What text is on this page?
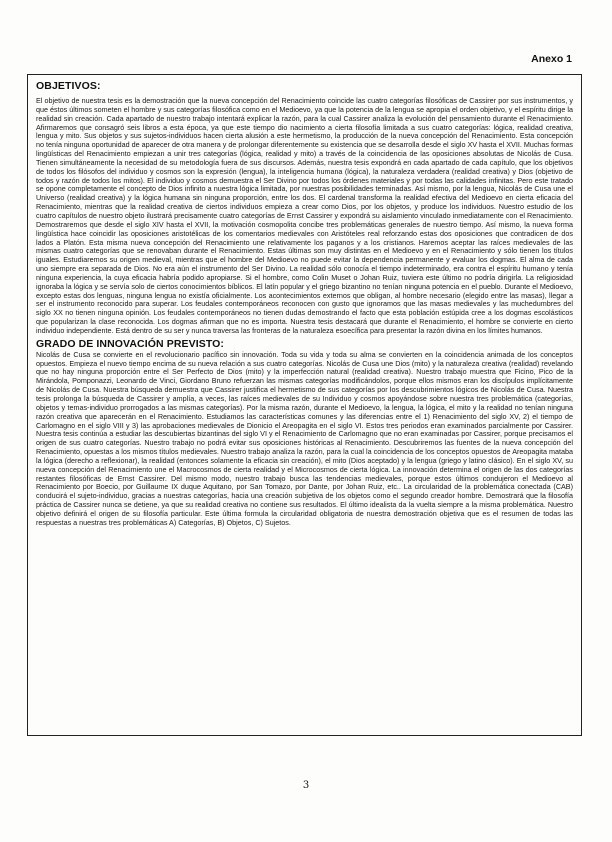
Anexo 1
OBJETIVOS:

El objetivo de nuestra tesis es la demostración que la nueva concepción del Renacimiento coincide las cuatro categorías filosóficas de Cassirer por sus instrumentos, y que éstos últimos someten el hombre y sus categorías filosófica como en el Medioevo, ya que la potencia de la lengua se apropia el orden objetivo, y el espíritu dirige la realidad sin creación. Cada apartado de nuestro trabajo intentará explicar la razón, para la cual Cassirer analiza la evolución del pensamiento durante el Renacimiento. Afirmaremos que consagró seis libros a esta época, ya que este tiempo dio nacimiento a cierta filosofía limitada a sus cuatro categorías: lógica, realidad creativa, lengua y mito. Sus objetos y sus sujetos-individuos hacen cierta alusión a este hermetismo, la producción de la nueva concepción del Renacimiento. Esta concepción no tenía ninguna oportunidad de aparecer de otra manera y de prolongar diferentemente su existencia que se desarrolla desde el siglo XV hasta el XVII. Muchas formas lingüísticas del Renacimiento empiezan a unir tres categorías (lógica, realidad y mito) a través de la coincidencia de las oposiciones absolutas de Nicolás de Cusa. Tienen simultáneamente la necesidad de su metodología fuera de sus discursos. Además, nuestra tesis expondrá en cada apartado de cada capítulo, que los objetivos de todos los filósofos del individuo y cosmos son la expresión (lengua), la inteligencia humana (lógica), la naturaleza verdadera (realidad creativa) y Dios (objetivo de todos y razón de todos los mitos). El individuo y cosmos demuestra el Ser Divino por todos los órdenes materiales y por todas las calidades infinitas. Pero este tratado se opone completamente el concepto de Dios infinito a nuestra lógica limitada, por nuestras posibilidades terminadas. Así mismo, por la lengua, Nicolás de Cusa une el Universo (realidad creativa) y la lógica humana sin ninguna proporción, entre los dos. El cardenal transforma la realidad efectiva del Medioevo en cierta eficacia del Renacimiento, mientras que la realidad creativa de ciertos individuos empieza a crear como Dios, por los objetos, y produce los individuos. Nuestro estudio de los cuatro capítulos de nuestro objeto ilustrará precisamente cuatro categorías de Ernst Cassirer y expondrá su aislamiento vinculado inmediatamente con el Renacimiento. Demostraremos que desde el siglo XIV hasta el XVII, la motivación cosmopolita concibe tres problemáticas generales de nuestro tiempo. Así mismo, la nueva forma lingüística hace coincidir las oposiciones aristotélicas de los comentarios medievales con Aristóteles real reforzando estas dos oposiciones que contradicen de dos lados a Platón. Esta misma nueva concepción del Renacimiento une relativamente los paganos y a los cristianos. Haremos aceptar las raíces medievales de las mismas cuatro categorías que se renovaban durante el Renacimiento. Estas últimas son muy distintas en el Medioevo y en el Renacimiento y sólo tienen los títulos iguales. Estudiaremos su origen medieval, mientras que el hombre del Medioevo no puede evitar la dependencia permanente y evaluar los dogmas. El alma de cada uno siempre era separada de Dios. No era aún el instrumento del Ser Divino. La realidad sólo conocía el tiempo indeterminado, era contra el espíritu humano y tenía ninguna experiencia, la cuya eficacia habría podido apropiarse. Si el hombre, como Colin Muset o Johan Ruiz, tuviera este último no podría dirigirla. La religiosidad ignoraba la lógica y se servía solo de ciertos conocimientos bíblicos. El latín popular y el griego bizantino no tenían ninguna potencia en el pueblo. Durante el Medioevo, excepto estas dos lenguas, ninguna lengua no existía oficialmente. Los acontecimientos externos que obligan, al hombre necesario (elegido entre las masas), llegar a ser el instrumento reconocido para superar. Los feudales contemporáneos reconocen con gusto que ignoramos que las masas medievales y las muchedumbres del siglo XX no tienen ninguna opinión. Los feudales contemporáneos no tienen dudas demostrando el facto que esta población estúpida cree a los dogmas escolásticos que popularizan la clase reconocida. Los dogmas afirman que no es importa. Nuestra tesis destacará que durante el Renacimiento, el hombre se convierte en cierto individuo independiente. Está dentro de su ser y nunca traversa las fronteras de la naturaleza esoecífica para presentar la razón divina en los límites humanos.

GRADO DE INNOVACIÓN PREVISTO:

Nicolás de Cusa se convierte en el revolucionario pacífico sin innovación. Toda su vida y toda su alma se convierten en la coincidencia animada de los conceptos opuestos. Empieza el nuevo tiempo encima de su nueva relación a sus cuatro categorías. Nicolás de Cusa une Dios (mito) y la naturaleza creativa (realidad) revelando que no hay ninguna proporción entre el Ser Perfecto de Dios (mito) y la imperfección natural (realidad creativa). Nuestro trabajo muestra que Ficino, Pico de la Mirándola, Pomponazzi, Leonardo de Vinci, Giordano Bruno refuerzan las mismas categorías modificándolos, porque ellos mismos eran los discípulos implícitamente de Nicolás de Cusa. Nuestra búsqueda demuestra que Cassirer justifica el hermetismo de sus categorías por los descubrimientos lógicos de Nicolás de Cusa. Nuestra tesis prolonga la búsqueda de Cassirer y amplía, a veces, las raíces medievales de su Individuo y cosmos apoyándose sobre nuestra tres problemática (categorías, objetos y temas-individuo prorrogados a las mismas categorías). Por la misma razón, durante el Medioevo, la lengua, la lógica, el mito y la realidad no tenían ninguna razón creativa que aparecerán en el Renacimiento. Estudiamos las características comunes y las diferencias entre el 1) Renacimiento del siglo XV, 2) el tiempo de Carlomagno en el siglo VIII y 3) las aprobaciones medievales de Dionicio el Areopagita en el siglo VI. Estos tres periodos eran examinados parcialmente por Cassirer. Nuestra tesis continúa a estudiar las descubiertas bizantinas del siglo VI y el Renacimiento de Carlomagno que no eran examinadas por Cassirer, porque precisamos el origen de sus cuatro categorías. Nuestro trabajo no podrá evitar sus oposiciones históricas al Renacimiento. Descubriremos las fuentes de la nueva concepción del Renacimiento, opuestas a los mismos títulos medievales. Nuestro trabajo analiza la razón, para la cual la coincidencia de los conceptos opuestos de Areopagita mataba la lógica (derecho a reflexionar), la realidad (entonces solamente la eficacia sin creación), el mito (Dios aceptado) y la lengua (griego y latino clásico). En el siglo XV, su nueva concepción del Renacimiento une el Macrocosmos de cierta realidad y el Microcosmos de cierta lógica. La innovación determina el origen de las dos categorías restantes filosóficas de Ernst Cassirer. Del mismo modo, nuestro trabajo busca las tendencias medievales, porque estos últimos condujeron el Medioevo al Renacimiento por Boecio, por Guillaume IX duque Aquitano, por San Tomazo, por Dante, por Johan Ruiz, etc.. La circularidad de la problemática conectada (CAB) conducirá el sujeto-individuo, gracias a nuestras categorías, hacia una creación subjetiva de los objetos como el segundo creador hombre. Demostrará que la filosofía práctica de Cassirer nunca se detiene, ya que su realidad creativa no contiene sus resultados. El último idealista da la vuelta siempre a la misma problemática. Nuestro objetivo definirá el origen de su filosofía particular. Este última formula la circularidad obligatoria de nuestra demostración objetiva que es el resumen de todas las respuestas a nuestras tres problemáticas A) Categorías, B) Objetos, C) Sujetos.

3
